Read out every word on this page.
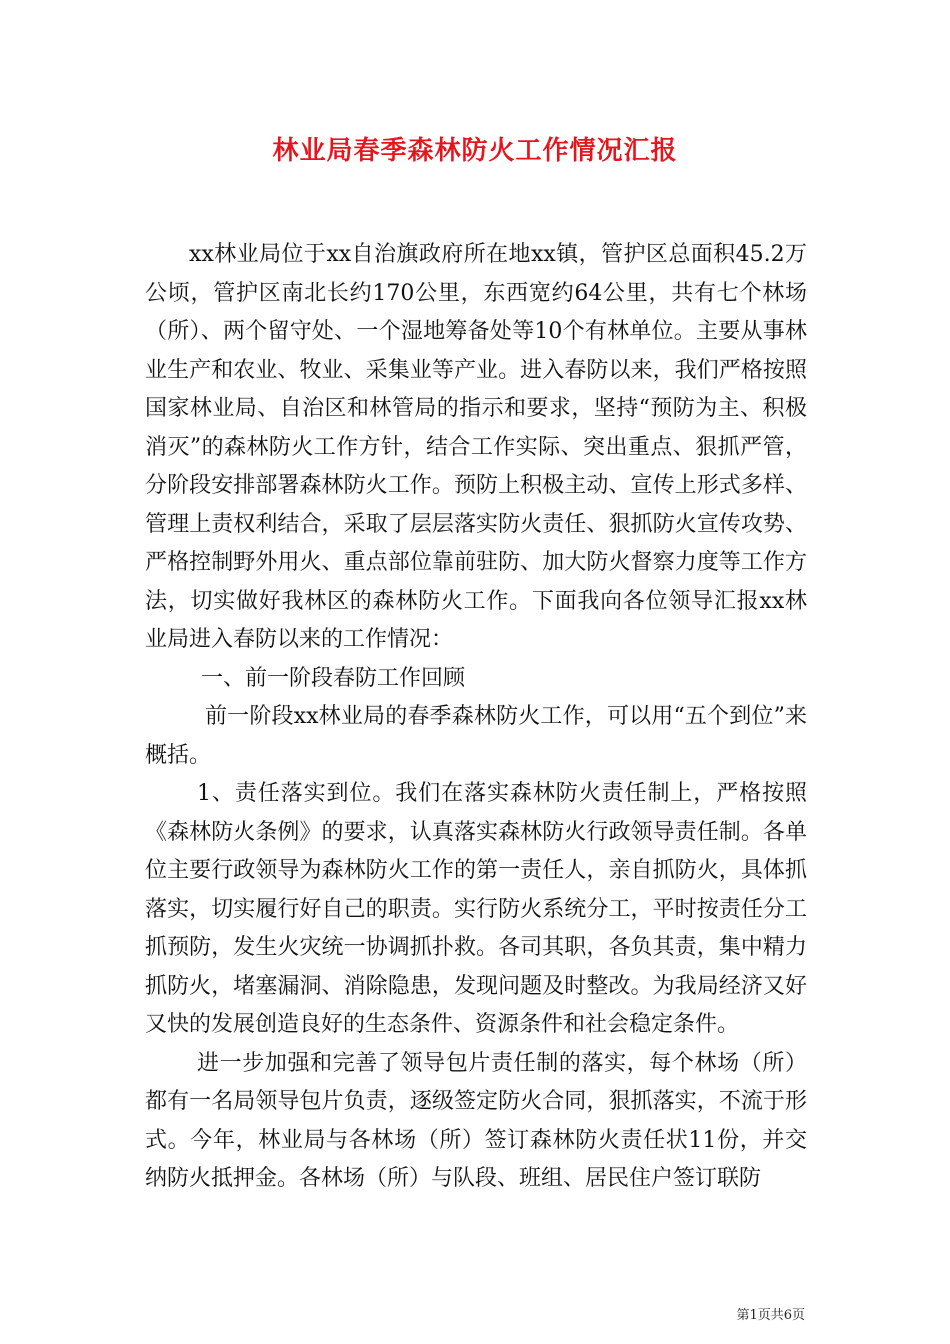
林业局春季森林防火工作情况汇报

xx林业局位于xx自治旗政府所在地xx镇，管护区总面积45.2万公顷，管护区南北长约170公里，东西宽约64公里，共有七个林场（所）、两个留守处、一个湿地筹备处等10个有林单位。主要从事林业生产和农业、牧业、采集业等产业。进入春防以来，我们严格按照国家林业局、自治区和林管局的指示和要求，坚持“预防为主、积极消灭”的森林防火工作方针，结合工作实际、突出重点、狠抓严管，分阶段安排部署森林防火工作。预防上积极主动、宣传上形式多样、管理上责权利结合，采取了层层落实防火责任、狠抓防火宣传攻势、严格控制野外用火、重点部位靠前驻防、加大防火督察力度等工作方法，切实做好我林区的森林防火工作。下面我向各位领导汇报xx林业局进入春防以来的工作情况：

一、前一阶段春防工作回顾

前一阶段xx林业局的春季森林防火工作，可以用“五个到位”来概括。

1、责任落实到位。我们在落实森林防火责任制上，严格按照《森林防火条例》的要求，认真落实森林防火行政领导责任制。各单位主要行政领导为森林防火工作的第一责任人，亲自抓防火，具体抓落实，切实履行好自己的职责。实行防火系统分工，平时按责任分工抓预防，发生火灾统一协调抓扑救。各司其职，各负其责，集中精力抓防火，堵塞漏洞、消除隐患，发现问题及时整改。为我局经济又好又快的发展创造良好的生态条件、资源条件和社会稳定条件。

进一步加强和完善了领导包片责任制的落实，每个林场（所）都有一名局领导包片负责，逐级签定防火合同，狠抓落实，不流于形式。今年，林业局与各林场（所）签订森林防火责任状11份，并交纳防火抵押金。各林场（所）与队段、班组、居民住户签订联防

第1页共6页
